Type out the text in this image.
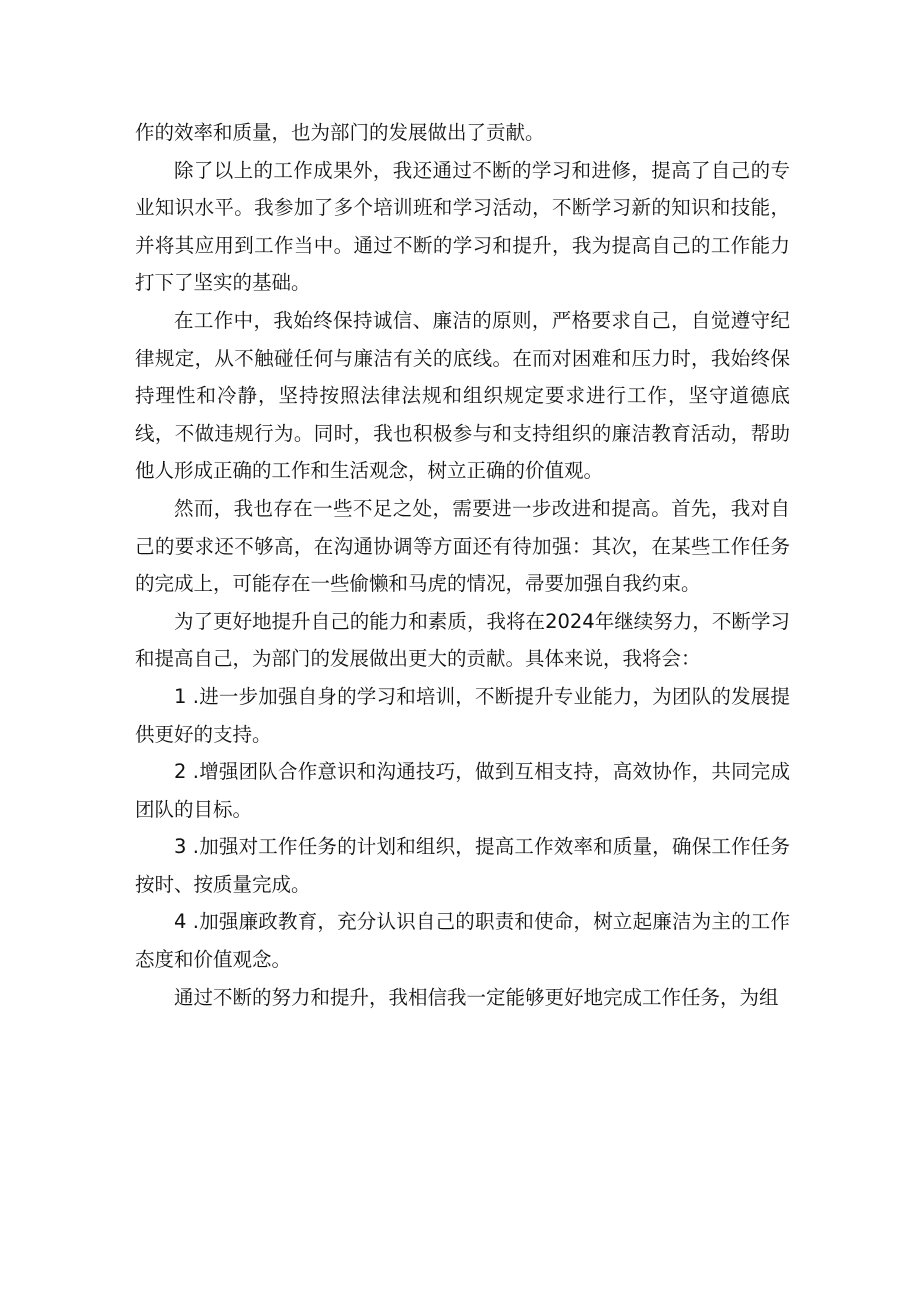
作的效率和质量，也为部门的发展做出了贡献。

除了以上的工作成果外，我还通过不断的学习和进修，提高了自己的专业知识水平。我参加了多个培训班和学习活动，不断学习新的知识和技能，并将其应用到工作当中。通过不断的学习和提升，我为提高自己的工作能力打下了坚实的基础。

在工作中，我始终保持诚信、廉洁的原则，严格要求自己，自觉遵守纪律规定，从不触碰任何与廉洁有关的底线。在而对困难和压力时，我始终保持理性和冷静，坚持按照法律法规和组织规定要求进行工作，坚守道德底线，不做违规行为。同时，我也积极参与和支持组织的廉洁教育活动，帮助他人形成正确的工作和生活观念，树立正确的价值观。

然而，我也存在一些不足之处，需要进一步改进和提高。首先，我对自己的要求还不够高，在沟通协调等方面还有待加强：其次，在某些工作任务的完成上，可能存在一些偷懒和马虎的情况，帚要加强自我约束。

为了更好地提升自己的能力和素质，我将在2024年继续努力，不断学习和提高自己，为部门的发展做出更大的贡献。具体来说，我将会：

1 .进一步加强自身的学习和培训，不断提升专业能力，为团队的发展提供更好的支持。

2 .增强团队合作意识和沟通技巧，做到互相支持，高效协作，共同完成团队的目标。

3 .加强对工作任务的计划和组织，提高工作效率和质量，确保工作任务按时、按质量完成。

4 .加强廉政教育，充分认识自己的职责和使命，树立起廉洁为主的工作态度和价值观念。

通过不断的努力和提升，我相信我一定能够更好地完成工作任务，为组
